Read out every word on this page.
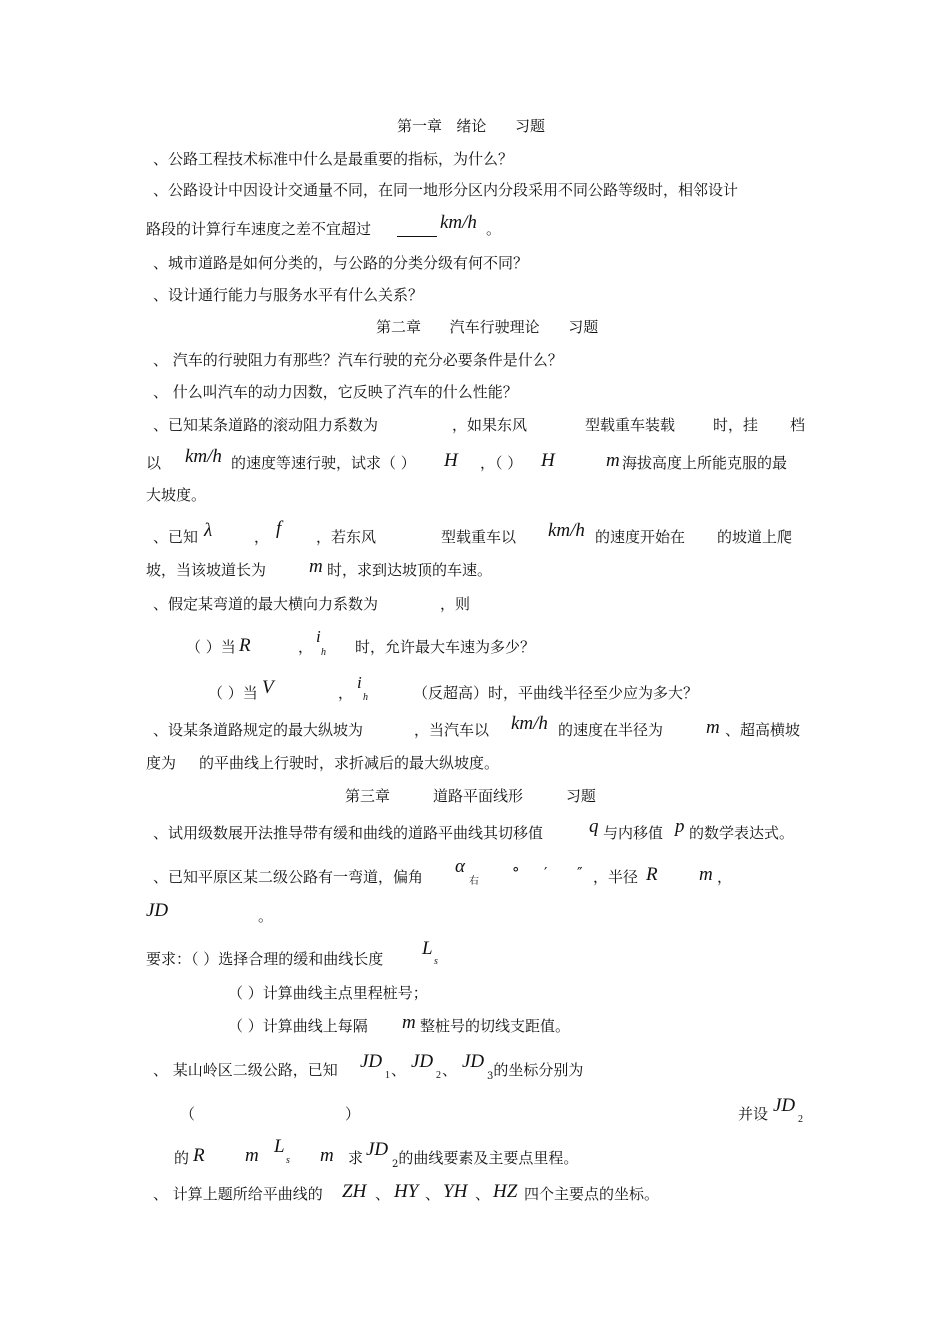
第一章 绪论 习题
、公路工程技术标准中什么是最重要的指标，为什么？
、公路设计中因设计交通量不同，在同一地形分区内分段采用不同公路等级时，相邻设计
路段的计算行车速度之差不宜超过	km/h 。
、城市道路是如何分类的，与公路的分类分级有何不同？
、设计通行能力与服务水平有什么关系？
第二章 汽车行驶理论 习题
、 汽车的行驶阻力有那些？汽车行驶的充分必要条件是什么？
、 什么叫汽车的动力因数，它反映了汽车的什么性能？
、已知某条道路的滚动阻力系数为	，如果东风	型载重车装载	时，挂 档
以 km/h 的速度等速行驶，试求（ ） H ，（ ） H	m 海拔高度上所能克服的最
大坡度。
、已知 λ	， f ，若东风	型载重车以 km/h 的速度开始在 的坡道上爬
坡，当该坡道长为 m 时，求到达坡顶的车速。
、假定某弯道的最大横向力系数为	，则
（ ）当 R	，
i
h 时，允许最大车速为多少？
（ ）当 V	，
i
h	（反超高）时，平曲线半径至少应为多大？
、设某条道路规定的最大纵坡为	，当汽车以 km/h 的速度在半径为 m 、超高横坡
度为 的平曲线上行驶时，求折减后的最大纵坡度。
第三章	道路平面线形	习题
、试用级数展开法推导带有缓和曲线的道路平曲线其切移值 q 与内移值 p 的数学表达式。
、已知平原区某二级公路有一弯道，偏角 α
右 ° ′ ″ ，半径 R m ，
JD	。
要求：（ ）选择合理的缓和曲线长度 L
s
（ ）计算曲线主点里程桩号；
（ ）计算曲线上每隔 m 整桩号的切线支距值。
、 某山岭区二级公路，已知 JD
1 、 JD
2 、 JD
$_3$的坐标分别为
（	）	并设 JD
2
的 R m L
s m 求 JD
$_2$的曲线要素及主要点里程。
、 计算上题所给平曲线的 ZH 、 HY 、 YH 、 HZ 四个主要点的坐标。
